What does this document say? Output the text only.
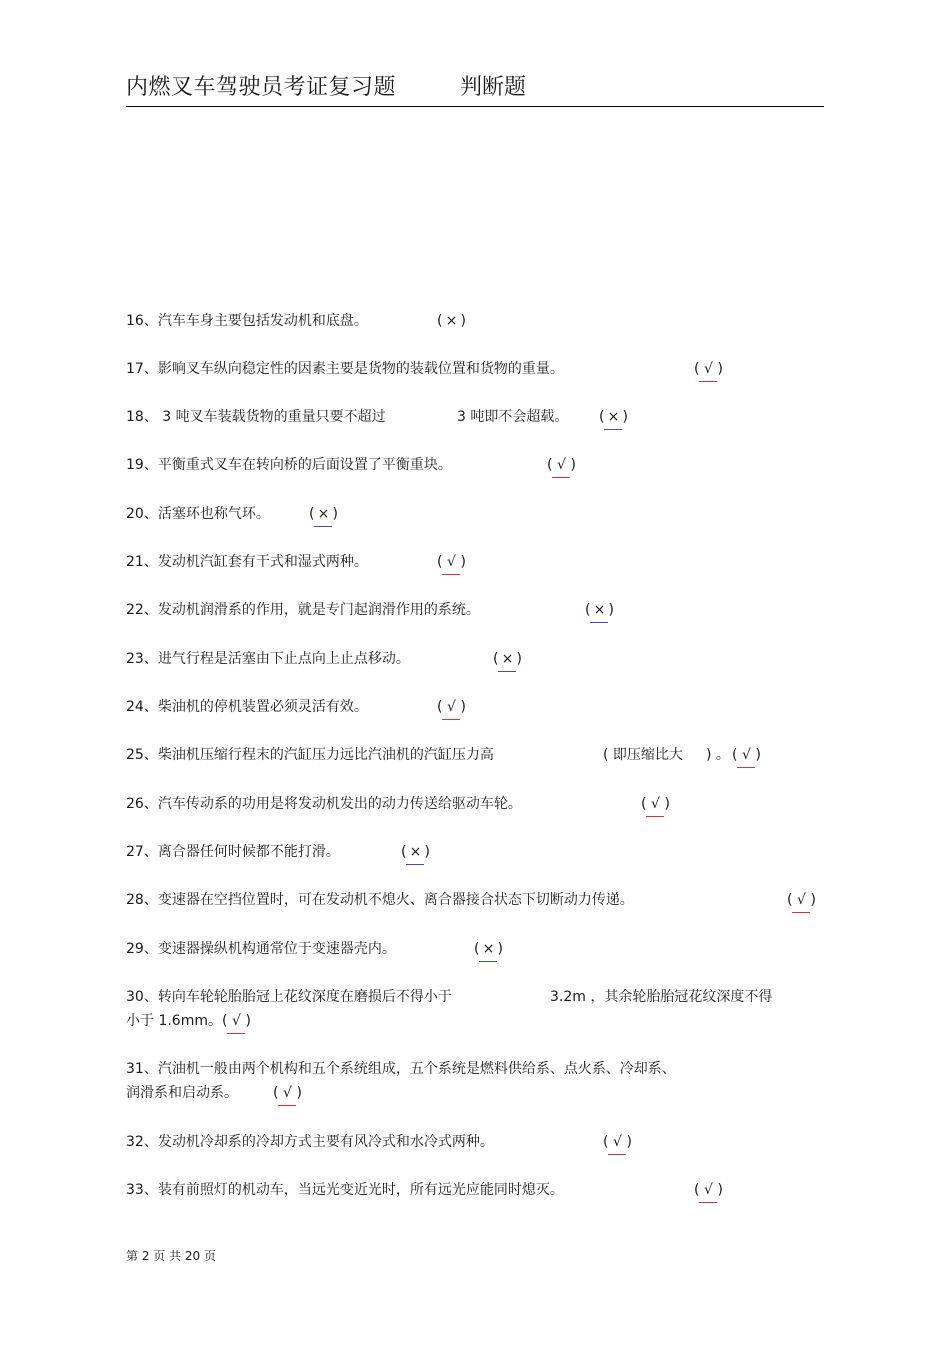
内燃叉车驾驶员考证复习题	判断题
16、汽车车身主要包括发动机和底盘。	( × )
17、影响叉车纵向稳定性的因素主要是货物的装载位置和货物的重量。	( √ )
18、 3 吨叉车装载货物的重量只要不超过	3 吨即不会超载。 ( × )
19、平衡重式叉车在转向桥的后面设置了平衡重块。	( √ )
20、活塞环也称气环。	( × )
21、发动机汽缸套有干式和湿式两种。	( √ )
22、发动机润滑系的作用，就是专门起润滑作用的系统。	( × )
23、进气行程是活塞由下止点向上止点移动。	( × )
24、柴油机的停机装置必须灵活有效。	( √ )
25、柴油机压缩行程末的汽缸压力远比汽油机的汽缸压力高	( 即压缩比大 ) 。 ( √ )
26、汽车传动系的功用是将发动机发出的动力传送给驱动车轮。	( √ )
27、离合器任何时候都不能打滑。	( × )
28、变速器在空挡位置时，可在发动机不熄火、离合器接合状态下切断动力传递。	( √ )
29、变速器操纵机构通常位于变速器壳内。	( × )
30、转向车轮轮胎胎冠上花纹深度在磨损后不得小于	3.2m ，其余轮胎胎冠花纹深度不得
小于 1.6mm。( √ )
31、汽油机一般由两个机构和五个系统组成，五个系统是燃料供给系、点火系、冷却系、
润滑系和启动系。	( √ )
32、发动机冷却系的冷却方式主要有风冷式和水冷式两种。	( √ )
33、装有前照灯的机动车，当远光变近光时，所有远光应能同时熄灭。	( √ )
第 2 页 共 20 页
